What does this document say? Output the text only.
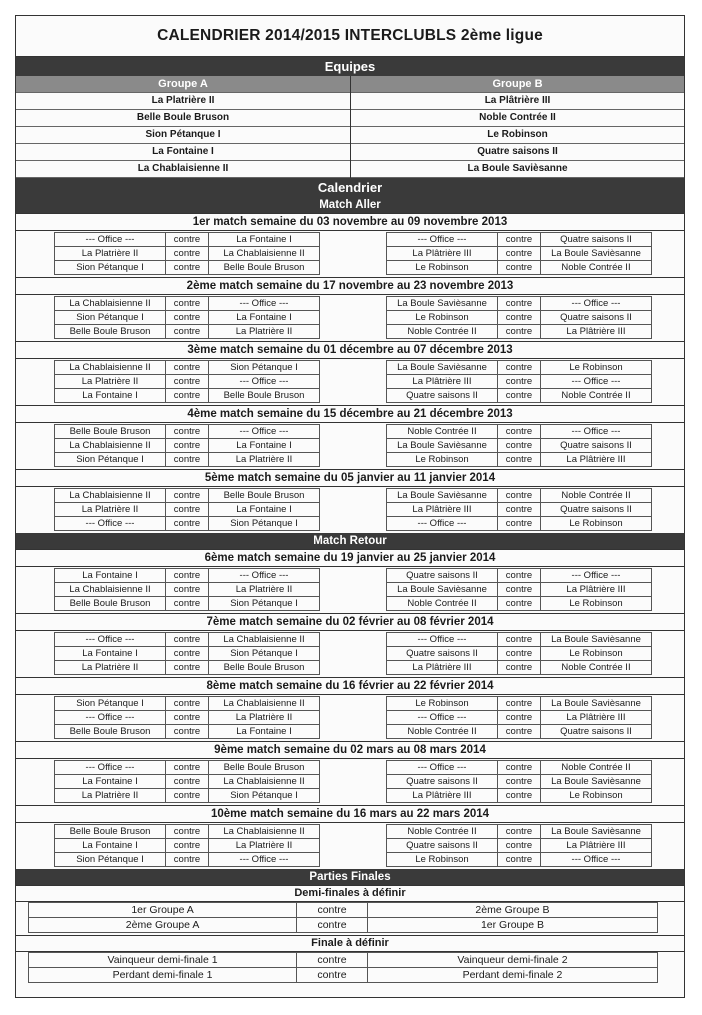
CALENDRIER 2014/2015 INTERCLUBLS 2ème ligue
Equipes
Groupe A
La Platrière II
Belle Boule Bruson
Sion Pétanque I
La Fontaine I
La Chablaisienne II
Groupe B
La Plâtrière III
Noble Contrée II
Le Robinson
Quatre saisons II
La Boule Savièsanne
Calendrier
Match Aller
1er match semaine du 03 novembre au 09 novembre 2013
--- Office ---	contre	La Fontaine I
La Platrière II	contre	La Chablaisienne II
Sion Pétanque I	contre	Belle Boule Bruson
--- Office ---	contre	Quatre saisons II
La Plâtrière III	contre	La Boule Savièsanne
Le Robinson	contre	Noble Contrée II
2ème match semaine du 17 novembre au 23 novembre 2013
La Chablaisienne II	contre	--- Office ---
Sion Pétanque I	contre	La Fontaine I
Belle Boule Bruson	contre	La Platrière II
La Boule Savièsanne	contre	--- Office ---
Le Robinson	contre	Quatre saisons II
Noble Contrée II	contre	La Plâtrière III
3ème match semaine du 01 décembre au 07 décembre 2013
La Chablaisienne II	contre	Sion Pétanque I
La Platrière II	contre	--- Office ---
La Fontaine I	contre	Belle Boule Bruson
La Boule Savièsanne	contre	Le Robinson
La Plâtrière III	contre	--- Office ---
Quatre saisons II	contre	Noble Contrée II
4ème match semaine du 15 décembre au 21 décembre 2013
Belle Boule Bruson	contre	--- Office ---
La Chablaisienne II	contre	La Fontaine I
Sion Pétanque I	contre	La Platrière II
Noble Contrée II	contre	--- Office ---
La Boule Savièsanne	contre	Quatre saisons II
Le Robinson	contre	La Plâtrière III
5ème match semaine du 05 janvier au 11 janvier 2014
La Chablaisienne II	contre	Belle Boule Bruson
La Platrière II	contre	La Fontaine I
--- Office ---	contre	Sion Pétanque I
La Boule Savièsanne	contre	Noble Contrée II
La Plâtrière III	contre	Quatre saisons II
--- Office ---	contre	Le Robinson
Match Retour
6ème match semaine du 19 janvier au 25 janvier 2014
La Fontaine I	contre	--- Office ---
La Chablaisienne II	contre	La Platrière II
Belle Boule Bruson	contre	Sion Pétanque I
Quatre saisons II	contre	--- Office ---
La Boule Savièsanne	contre	La Plâtrière III
Noble Contrée II	contre	Le Robinson
7ème match semaine du 02 février au 08 février 2014
--- Office ---	contre	La Chablaisienne II
La Fontaine I	contre	Sion Pétanque I
La Platrière II	contre	Belle Boule Bruson
--- Office ---	contre	La Boule Savièsanne
Quatre saisons II	contre	Le Robinson
La Plâtrière III	contre	Noble Contrée II
8ème match semaine du 16 février au 22 février 2014
Sion Pétanque I	contre	La Chablaisienne II
--- Office ---	contre	La Platrière II
Belle Boule Bruson	contre	La Fontaine I
Le Robinson	contre	La Boule Savièsanne
--- Office ---	contre	La Plâtrière III
Noble Contrée II	contre	Quatre saisons II
9ème match semaine du 02 mars au 08 mars 2014
--- Office ---	contre	Belle Boule Bruson
La Fontaine I	contre	La Chablaisienne II
La Platrière II	contre	Sion Pétanque I
--- Office ---	contre	Noble Contrée II
Quatre saisons II	contre	La Boule Savièsanne
La Plâtrière III	contre	Le Robinson
10ème match semaine du 16 mars au 22 mars 2014
Belle Boule Bruson	contre	La Chablaisienne II
La Fontaine I	contre	La Platrière II
Sion Pétanque I	contre	--- Office ---
Noble Contrée II	contre	La Boule Savièsanne
Quatre saisons II	contre	La Plâtrière III
Le Robinson	contre	--- Office ---
Parties Finales
Demi-finales à définir
1er Groupe A	contre	2ème Groupe B
2ème Groupe A	contre	1er Groupe B
Finale à définir
Vainqueur demi-finale 1	contre	Vainqueur demi-finale 2
Perdant demi-finale 1	contre	Perdant demi-finale 2
